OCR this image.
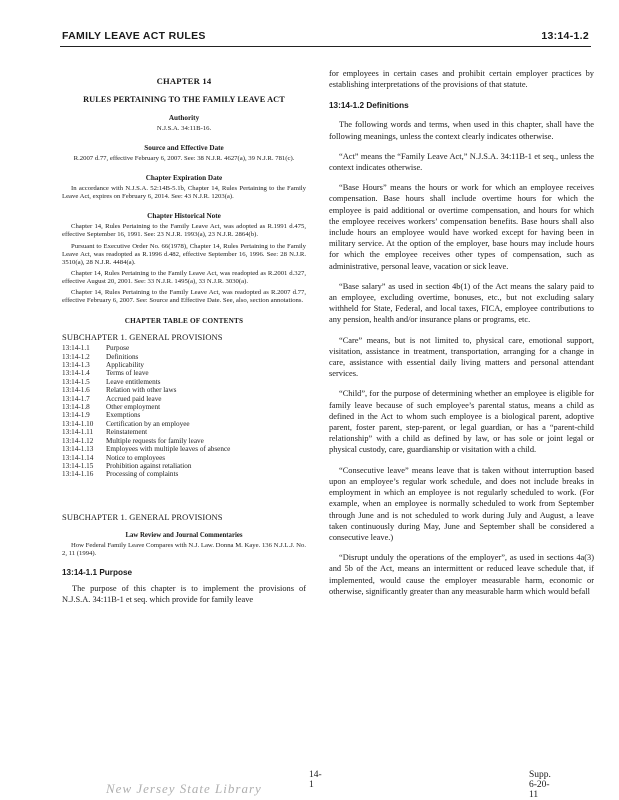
FAMILY LEAVE ACT RULES	13:14-1.2
CHAPTER 14
RULES PERTAINING TO THE FAMILY LEAVE ACT
Authority

N.J.S.A. 34:11B-16.

Source and Effective Date

R.2007 d.77, effective February 6, 2007. See: 38 N.J.R. 4627(a), 39 N.J.R. 781(c).

Chapter Expiration Date

In accordance with N.J.S.A. 52:14B-5.1b, Chapter 14, Rules Pertaining to the Family Leave Act, expires on February 6, 2014. See: 43 N.J.R. 1203(a).

Chapter Historical Note

Chapter 14, Rules Pertaining to the Family Leave Act, was adopted as R.1991 d.475, effective September 16, 1991. See: 23 N.J.R. 1993(a), 23 N.J.R. 2864(b).

Pursuant to Executive Order No. 66(1978), Chapter 14, Rules Pertaining to the Family Leave Act, was readopted as R.1996 d.482, effective September 16, 1996. See: 28 N.J.R. 3510(a), 28 N.J.R. 4484(a).

Chapter 14, Rules Pertaining to the Family Leave Act, was readopted as R.2001 d.327, effective August 20, 2001. See: 33 N.J.R. 1495(a), 33 N.J.R. 3030(a).

Chapter 14, Rules Pertaining to the Family Leave Act, was readopted as R.2007 d.77, effective February 6, 2007. See: Source and Effective Date. See, also, section annotations.

CHAPTER TABLE OF CONTENTS
SUBCHAPTER 1. GENERAL PROVISIONS
13:14-1.1	Purpose
13:14-1.2	Definitions
13:14-1.3	Applicability
13:14-1.4	Terms of leave
13:14-1.5	Leave entitlements
13:14-1.6	Relation with other laws
13:14-1.7	Accrued paid leave
13:14-1.8	Other employment
13:14-1.9	Exemptions
13:14-1.10	Certification by an employee
13:14-1.11	Reinstatement
13:14-1.12	Multiple requests for family leave
13:14-1.13	Employees with multiple leaves of absence
13:14-1.14	Notice to employees
13:14-1.15	Prohibition against retaliation
13:14-1.16	Processing of complaints
SUBCHAPTER 1. GENERAL PROVISIONS
Law Review and Journal Commentaries

How Federal Family Leave Compares with N.J. Law. Donna M. Kaye. 136 N.J.L.J. No. 2, 11 (1994).

13:14-1.1 Purpose

The purpose of this chapter is to implement the provisions of N.J.S.A. 34:11B-1 et seq. which provide for family leave

for employees in certain cases and prohibit certain employer practices by establishing interpretations of the provisions of that statute.

13:14-1.2 Definitions

The following words and terms, when used in this chapter, shall have the following meanings, unless the context clearly indicates otherwise.

“Act” means the “Family Leave Act,” N.J.S.A. 34:11B-1 et seq., unless the context indicates otherwise.

“Base Hours” means the hours or work for which an employee receives compensation. Base hours shall include overtime hours for which the employee is paid additional or overtime compensation, and hours for which the employee receives workers’ compensation benefits. Base hours shall also include hours an employee would have worked except for having been in military service. At the option of the employer, base hours may include hours for which the employee receives other types of compensation, such as administrative, personal leave, vacation or sick leave.

“Base salary” as used in section 4b(1) of the Act means the salary paid to an employee, excluding overtime, bonuses, etc., but not excluding salary withheld for State, Federal, and local taxes, FICA, employee contributions to any pension, health and/or insurance plans or programs, etc.

“Care” means, but is not limited to, physical care, emotional support, visitation, assistance in treatment, transportation, arranging for a change in care, assistance with essential daily living matters and personal attendant services.

“Child”, for the purpose of determining whether an employee is eligible for family leave because of such employee’s parental status, means a child as defined in the Act to whom such employee is a biological parent, adoptive parent, foster parent, step-parent, or legal guardian, or has a “parent-child relationship” with a child as defined by law, or has sole or joint legal or physical custody, care, guardianship or visitation with a child.

“Consecutive leave” means leave that is taken without interruption based upon an employee’s regular work schedule, and does not include breaks in employment in which an employee is not regularly scheduled to work. (For example, when an employee is normally scheduled to work from September through June and is not scheduled to work during July and August, a leave taken continuously during May, June and September shall be considered a consecutive leave.)

“Disrupt unduly the operations of the employer”, as used in sections 4a(3) and 5b of the Act, means an intermittent or reduced leave schedule that, if implemented, would cause the employer measurable harm, economic or otherwise, significantly greater than any measurable harm which would befall

14-1
Supp. 6-20-11
New Jersey State Library
